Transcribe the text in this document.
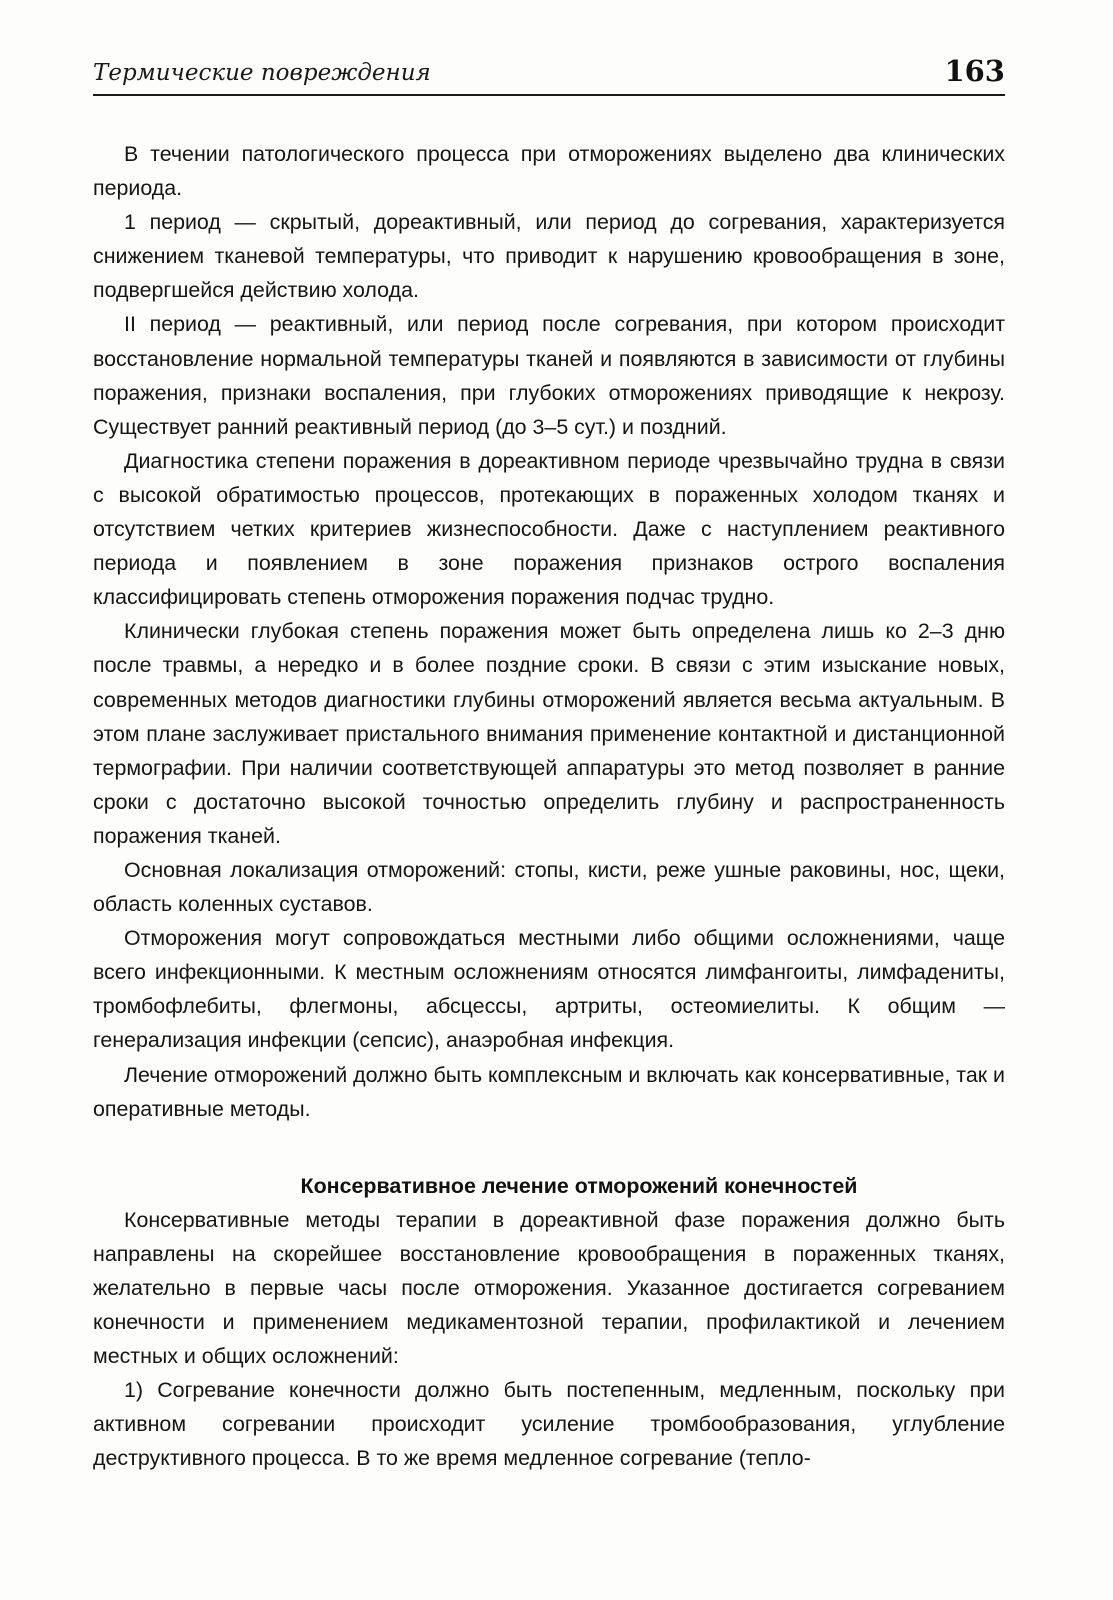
Термические повреждения	163

В течении патологического процесса при отморожениях выделено два клинических периода.

1 период — скрытый, дореактивный, или период до согревания, характеризуется снижением тканевой температуры, что приводит к нарушению кровообращения в зоне, подвергшейся действию холода.

II период — реактивный, или период после согревания, при котором происходит восстановление нормальной температуры тканей и появляются в зависимости от глубины поражения, признаки воспаления, при глубоких отморожениях приводящие к некрозу. Существует ранний реактивный период (до 3–5 сут.) и поздний.

Диагностика степени поражения в дореактивном периоде чрезвычайно трудна в связи с высокой обратимостью процессов, протекающих в пораженных холодом тканях и отсутствием четких критериев жизнеспособности. Даже с наступлением реактивного периода и появлением в зоне поражения признаков острого воспаления классифицировать степень отморожения поражения подчас трудно.

Клинически глубокая степень поражения может быть определена лишь ко 2–3 дню после травмы, а нередко и в более поздние сроки. В связи с этим изыскание новых, современных методов диагностики глубины отморожений является весьма актуальным. В этом плане заслуживает пристального внимания применение контактной и дистанционной термографии. При наличии соответствующей аппаратуры это метод позволяет в ранние сроки с достаточно высокой точностью определить глубину и распространенность поражения тканей.

Основная локализация отморожений: стопы, кисти, реже ушные раковины, нос, щеки, область коленных суставов.

Отморожения могут сопровождаться местными либо общими осложнениями, чаще всего инфекционными. К местным осложнениям относятся лимфангоиты, лимфадениты, тромбофлебиты, флегмоны, абсцессы, артриты, остеомиелиты. К общим — генерализация инфекции (сепсис), анаэробная инфекция.

Лечение отморожений должно быть комплексным и включать как консервативные, так и оперативные методы.

Консервативное лечение отморожений конечностей

Консервативные методы терапии в дореактивной фазе поражения должно быть направлены на скорейшее восстановление кровообращения в пораженных тканях, желательно в первые часы после отморожения. Указанное достигается согреванием конечности и применением медикаментозной терапии, профилактикой и лечением местных и общих осложнений:

1) Согревание конечности должно быть постепенным, медленным, поскольку при активном согревании происходит усиление тромбообразования, углубление деструктивного процесса. В то же время медленное согревание (тепло-
